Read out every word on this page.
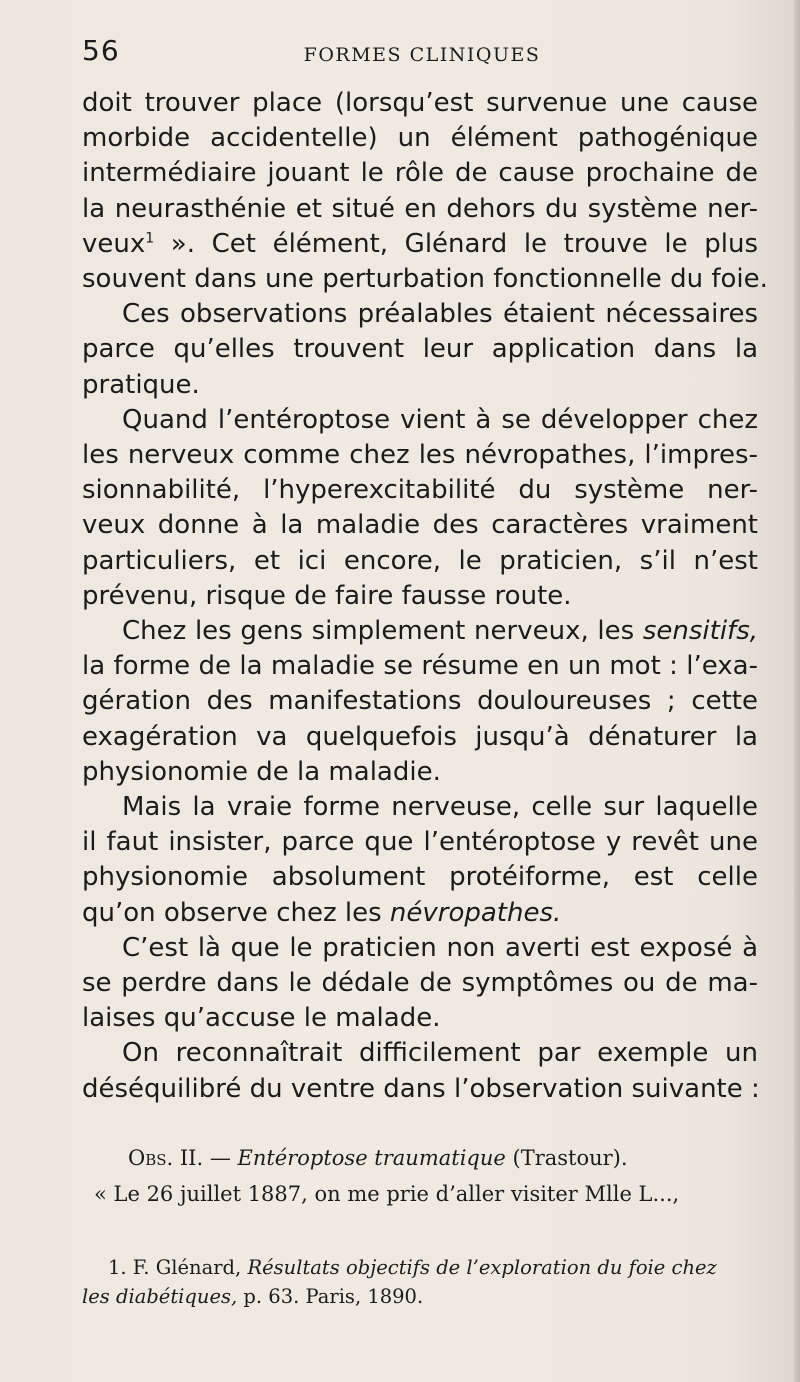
56	FORMES CLINIQUES
doit trouver place (lorsqu’est survenue une cause
morbide accidentelle) un élément pathogénique
intermédiaire jouant le rôle de cause prochaine de
la neurasthénie et situé en dehors du système ner-
veux$^1$ ». Cet élément, Glénard le trouve le plus
souvent dans une perturbation fonctionnelle du foie.
Ces observations préalables étaient nécessaires
parce qu’elles trouvent leur application dans la
pratique.
Quand l’entéroptose vient à se développer chez
les nerveux comme chez les névropathes, l’impres-
sionnabilité, l’hyperexcitabilité du système ner-
veux donne à la maladie des caractères vraiment
particuliers, et ici encore, le praticien, s’il n’est
prévenu, risque de faire fausse route.
Chez les gens simplement nerveux, les sensitifs,
la forme de la maladie se résume en un mot : l’exa-
gération des manifestations douloureuses ; cette
exagération va quelquefois jusqu’à dénaturer la
physionomie de la maladie.
Mais la vraie forme nerveuse, celle sur laquelle
il faut insister, parce que l’entéroptose y revêt une
physionomie absolument protéiforme, est celle
qu’on observe chez les névropathes.
C’est là que le praticien non averti est exposé à
se perdre dans le dédale de symptômes ou de ma-
laises qu’accuse le malade.
On reconnaîtrait difficilement par exemple un
déséquilibré du ventre dans l’observation suivante :
Obs. II. — Entéroptose traumatique (Trastour).
« Le 26 juillet 1887, on me prie d’aller visiter Mlle L...,
1. F. Glénard, Résultats objectifs de l’exploration du foie chez
les diabétiques, p. 63. Paris, 1890.
